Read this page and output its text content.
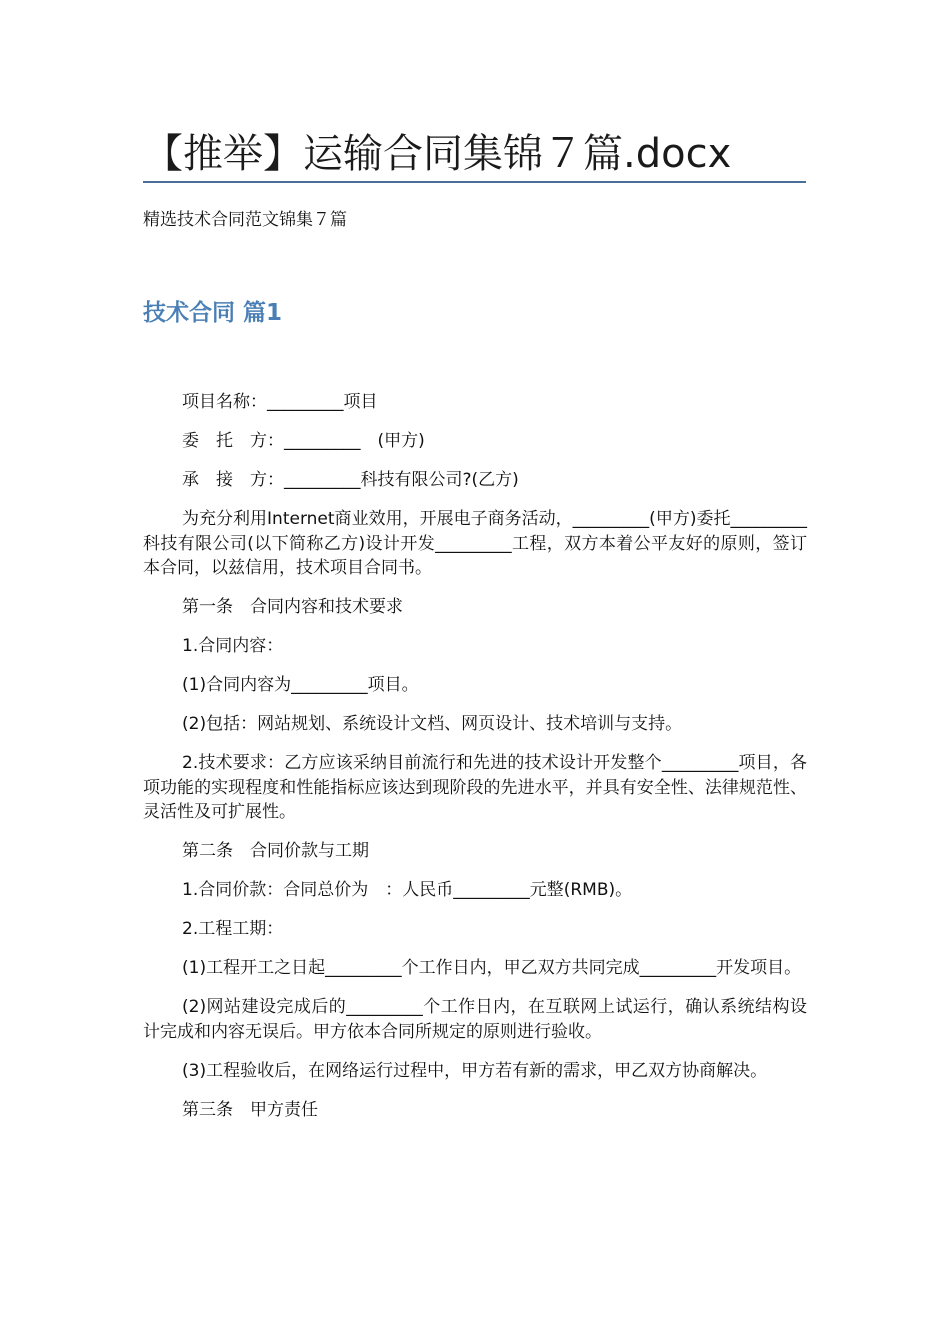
【推举】运输合同集锦７篇.docx
精选技术合同范文锦集７篇
技术合同 篇1

项目名称：_________项目

委　托　方：_________　(甲方)

承　接　方：_________科技有限公司?(乙方)

为充分利用Internet商业效用，开展电子商务活动，_________(甲方)委托_________科技有限公司(以下简称乙方)设计开发_________工程，双方本着公平友好的原则，签订本合同，以兹信用，技术项目合同书。

第一条　合同内容和技术要求

1.合同内容：

(1)合同内容为_________项目。

(2)包括：网站规划、系统设计文档、网页设计、技术培训与支持。

2.技术要求：乙方应该采纳目前流行和先进的技术设计开发整个_________项目，各项功能的实现程度和性能指标应该达到现阶段的先进水平，并具有安全性、法律规范性、灵活性及可扩展性。

第二条　合同价款与工期

1.合同价款：合同总价为　：人民币_________元整(RMB)。

2.工程工期：

(1)工程开工之日起_________个工作日内，甲乙双方共同完成_________开发项目。

(2)网站建设完成后的_________个工作日内，在互联网上试运行，确认系统结构设计完成和内容无误后。甲方依本合同所规定的原则进行验收。

(3)工程验收后，在网络运行过程中，甲方若有新的需求，甲乙双方协商解决。

第三条　甲方责任
